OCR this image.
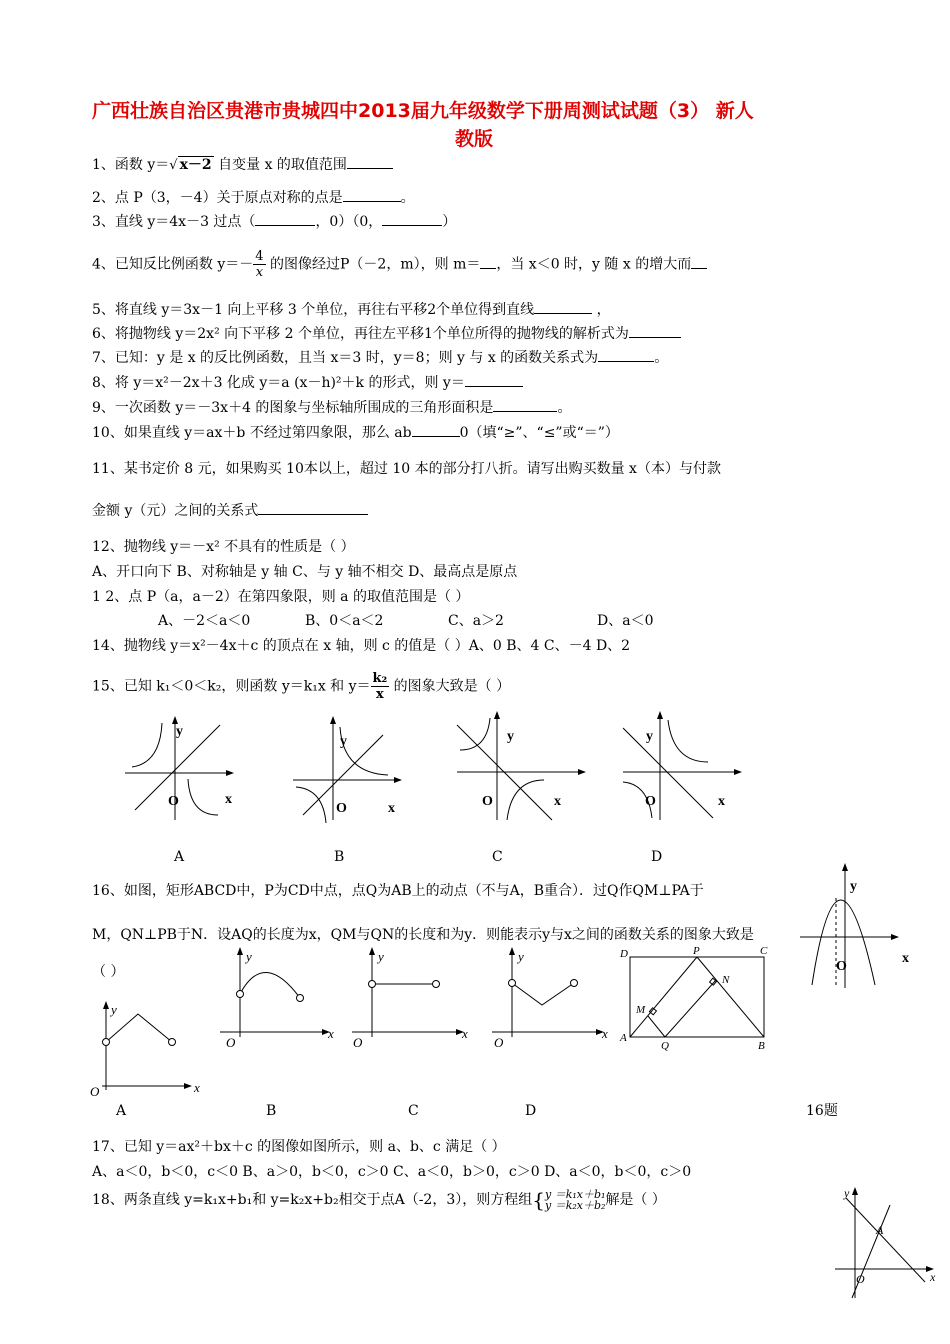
广西壮族自治区贵港市贵城四中2013届九年级数学下册周测试试题（3） 新人
教版
1、函数 y＝√ x－2 自变量 x 的取值范围
2、点 P（3，－4）关于原点对称的点是	。
3、直线 y＝4x－3 过点（	，0）（0，	）
4、已知反比例函数 $y=- \frac{4}{x}$ 的图像经过P（－2，m），则 m＝ ，当 x＜0 时，y 随 x 的增大而
5、将直线 y＝3x－1 向上平移 3 个单位，再往右平移2个单位得到直线	，
6、将抛物线 y＝2x² 向下平移 2 个单位，再往左平移1个单位所得的抛物线的解析式为
7、已知：y 是 x 的反比例函数，且当 x＝3 时，y＝8；则 y 与 x 的函数关系式为	。
8、将 y＝x²－2x＋3 化成 y＝a (x－h)²＋k 的形式，则 y＝
9、一次函数 y＝－3x＋4 的图象与坐标轴所围成的三角形面积是	。
10、如果直线 y＝ax＋b 不经过第四象限，那么 ab	0（填“≥”、“≤”或“＝”）
11、某书定价 8 元，如果购买 10本以上，超过 10 本的部分打八折。请写出购买数量 x（本）与付款
金额 y（元）之间的关系式
12、抛物线 y＝－x² 不具有的性质是（ ）
A、开口向下 B、对称轴是 y 轴 C、与 y 轴不相交 D、最高点是原点
1 2、点 P（a，a－2）在第四象限，则 a 的取值范围是（ ）
A、－2＜a＜0	B、0＜a＜2	C、a＞2	D、a＜0
14、抛物线 y＝x²－4x＋c 的顶点在 x 轴，则 c 的值是（ ）A、0 B、4 C、－4 D、2
15、已知 k₁＜0＜k₂，则函数 y＝k₁x 和 $y= \frac{\text{k₂}}{x}$ 的图象大致是（ ）
y
O	x
y
O	x
y
O	x
y
O	x
A	B	C	D
16、如图，矩形ABCD中，P为CD中点，点Q为AB上的动点（不与A，B重合）．过Q作QM⊥PA于
M，QN⊥PB于N．设AQ的长度为x，QM与QN的长度和为y．则能表示y与x之间的函数关系的图象大致是
（ ）
y
O
x
y
O	x
y
O
x
y
O
x
y
O
x
D	P	C
N
M
A
Q	B
A	B	C	D	16题
17、已知 y＝ax²＋bx＋c 的图像如图所示，则 a、b、c 满足（ ）
A、a＜0，b＜0，c＜0 B、a＞0，b＜0，c＞0 C、a＜0，b＞0，c＞0 D、a＜0，b＜0，c＞0
18、两条直线 y=k₁x+b₁和 y=k₂x+b₂相交于点A（-2，3），则方程组{ y ＝k₁x＋b₁
y ＝k₂x＋b₂ 解是（ ）	y
A
O	x
